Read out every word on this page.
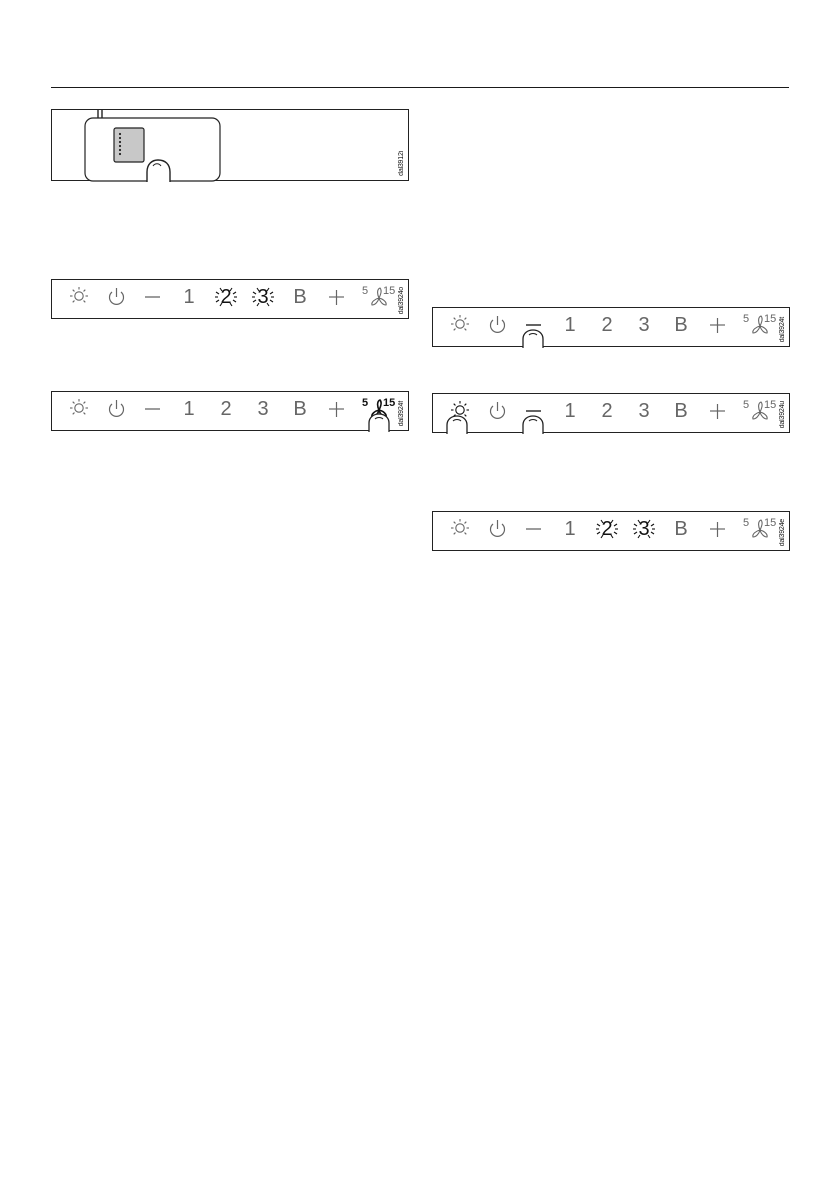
dal3912i
1	2	3	B	5 15 dal3924o
1	2	3	B	5 15 dal3924f
1	2	3	B	5 15 dal3924t
1	2	3	B	5 15 dal3924u
1	2	3	B	5 15 dal3924e
